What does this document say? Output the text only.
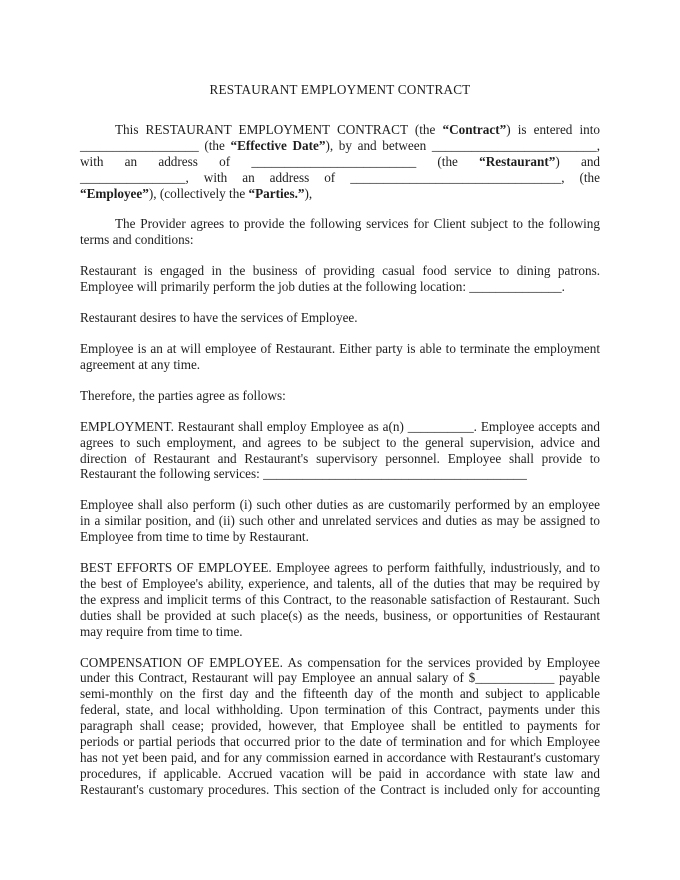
RESTAURANT EMPLOYMENT CONTRACT
This RESTAURANT EMPLOYMENT CONTRACT (the “Contract”) is entered into
__________________ (the “Effective Date”), by and between _________________________,
with an address of _________________________ (the “Restaurant”) and
________________, with an address of ________________________________, (the
“Employee”), (collectively the “Parties.”),
The Provider agrees to provide the following services for Client subject to the following
terms and conditions:
Restaurant is engaged in the business of providing casual food service to dining patrons.
Employee will primarily perform the job duties at the following location: ______________.
Restaurant desires to have the services of Employee.
Employee is an at will employee of Restaurant. Either party is able to terminate the employment
agreement at any time.
Therefore, the parties agree as follows:
EMPLOYMENT. Restaurant shall employ Employee as a(n) __________. Employee accepts and
agrees to such employment, and agrees to be subject to the general supervision, advice and
direction of Restaurant and Restaurant's supervisory personnel. Employee shall provide to
Restaurant the following services: ________________________________________
Employee shall also perform (i) such other duties as are customarily performed by an employee
in a similar position, and (ii) such other and unrelated services and duties as may be assigned to
Employee from time to time by Restaurant.
BEST EFFORTS OF EMPLOYEE. Employee agrees to perform faithfully, industriously, and to
the best of Employee's ability, experience, and talents, all of the duties that may be required by
the express and implicit terms of this Contract, to the reasonable satisfaction of Restaurant. Such
duties shall be provided at such place(s) as the needs, business, or opportunities of Restaurant
may require from time to time.
COMPENSATION OF EMPLOYEE. As compensation for the services provided by Employee
under this Contract, Restaurant will pay Employee an annual salary of $____________ payable
semi-monthly on the first day and the fifteenth day of the month and subject to applicable
federal, state, and local withholding. Upon termination of this Contract, payments under this
paragraph shall cease; provided, however, that Employee shall be entitled to payments for
periods or partial periods that occurred prior to the date of termination and for which Employee
has not yet been paid, and for any commission earned in accordance with Restaurant's customary
procedures, if applicable. Accrued vacation will be paid in accordance with state law and
Restaurant's customary procedures. This section of the Contract is included only for accounting
